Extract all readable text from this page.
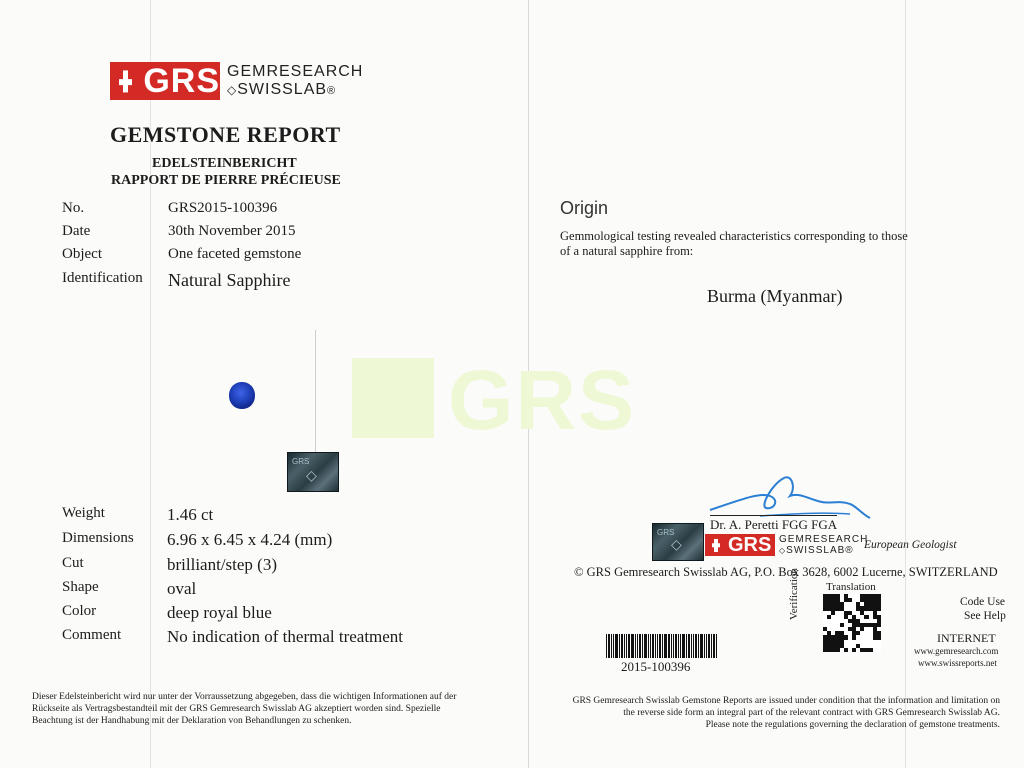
GRS
GRS GEMRESEARCH
◇SWISSLAB®
GEMSTONE REPORT
EDELSTEINBERICHT
RAPPORT DE PIERRE PRÉCIEUSE
No.	GRS2015-100396
Date	30th November 2015
Object	One faceted gemstone
Identification Natural Sapphire
GRS
◇
Weight	1.46 ct
Dimensions 6.96 x 6.45 x 4.24 (mm)
Cut	brilliant/step (3)
Shape	oval
Color	deep royal blue
Comment	No indication of thermal treatment
Dieser Edelsteinbericht wird nur unter der Vorraussetzung abgegeben, dass die wichtigen Informationen auf der
Rückseite als Vertragsbestandteil mit der GRS Gemresearch Swisslab AG akzeptiert worden sind. Spezielle
Beachtung ist der Handhabung mit der Deklaration von Behandlungen zu schenken.
Origin
Gemmological testing revealed characteristics corresponding to those
of a natural sapphire from:
Burma (Myanmar)
Dr. A. Peretti FGG FGA
European Geologist
GRS
◇ GRS GEMRESEARCH
◇SWISSLAB®
© GRS Gemresearch Swisslab AG, P.O. Box 3628, 6002 Lucerne, SWITZERLAND
Translation
Verification	Code Use
See Help
INTERNET
www.gemresearch.com
www.swissreports.net
2015-100396
GRS Gemresearch Swisslab Gemstone Reports are issued under condition that the information and limitation on
the reverse side form an integral part of the relevant contract with GRS Gemresearch Swisslab AG.
Please note the regulations governing the declaration of gemstone treatments.
